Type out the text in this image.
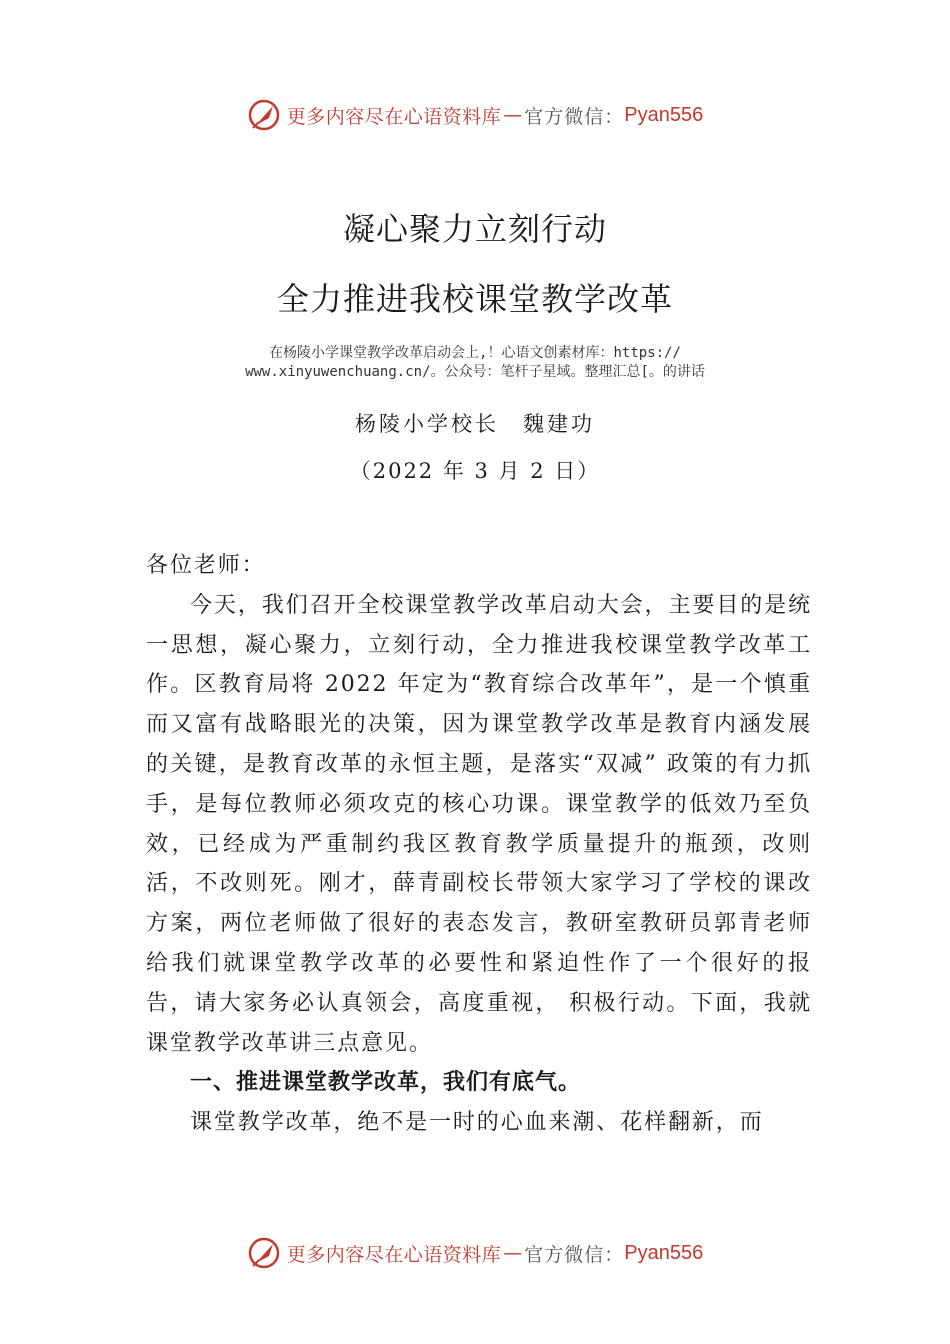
更多内容尽在心语资料库 — 官方微信： Pyan556
凝心聚力立刻行动
全力推进我校课堂教学改革
在杨陵小学课堂教学改革启动会上,！心语文创素材库：https:// www.xinyuwenchuang.cn/。公众号：笔杆子星域。整理汇总[。的讲话
杨陵小学校长　魏建功
（2022 年 3 月 2 日）

各位老师：

今天，我们召开全校课堂教学改革启动大会，主要目的是统一思想，凝心聚力，立刻行动，全力推进我校课堂教学改革工作。区教育局将 2022 年定为“教育综合改革年”，是一个慎重而又富有战略眼光的决策，因为课堂教学改革是教育内涵发展的关键，是教育改革的永恒主题，是落实“双减” 政策的有力抓手，是每位教师必须攻克的核心功课。课堂教学的低效乃至负效，已经成为严重制约我区教育教学质量提升的瓶颈，改则活，不改则死。刚才，薛青副校长带领大家学习了学校的课改方案，两位老师做了很好的表态发言，教研室教研员郭青老师给我们就课堂教学改革的必要性和紧迫性作了一个很好的报告，请大家务必认真领会，高度重视， 积极行动。下面，我就课堂教学改革讲三点意见。

一、推进课堂教学改革，我们有底气。

课堂教学改革，绝不是一时的心血来潮、花样翻新，而

更多内容尽在心语资料库 — 官方微信： Pyan556
